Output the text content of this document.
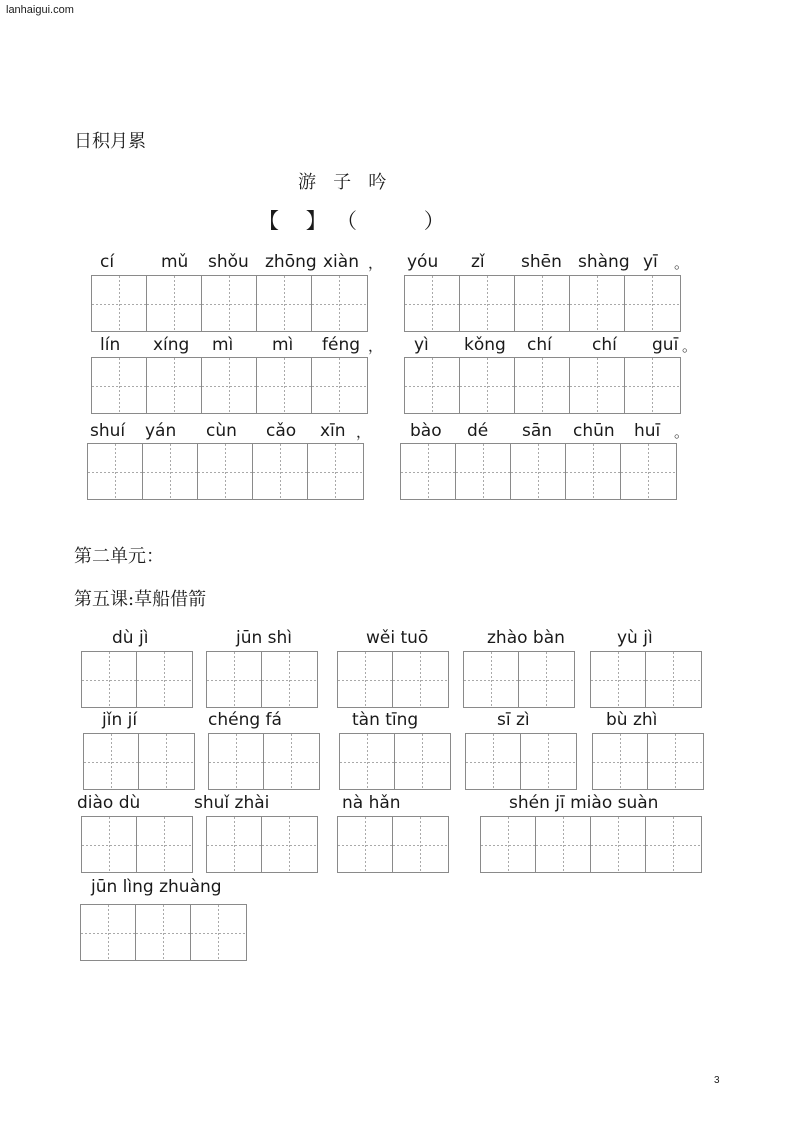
lanhaigui.com
日积月累
游   子   吟
【    】 （          ）
cí	mǔ shǒu zhōng xiàn ， yóu zǐ shēn shàng yī 。
lín xíng mì mì féng ， yì kǒng chí chí guī 。
shuí yán cùn cǎo xīn ， bào dé sān chūn huī 。
第二单元：
第五课:草船借箭
dù jì	jūn shì	wěi tuō	zhào bàn	yù jì
jǐn jí	chéng fá	tàn tīng	sī zì	bù zhì
diào dù	shuǐ zhài	nà hǎn	shén jī miào suàn
jūn lìng zhuàng
3
